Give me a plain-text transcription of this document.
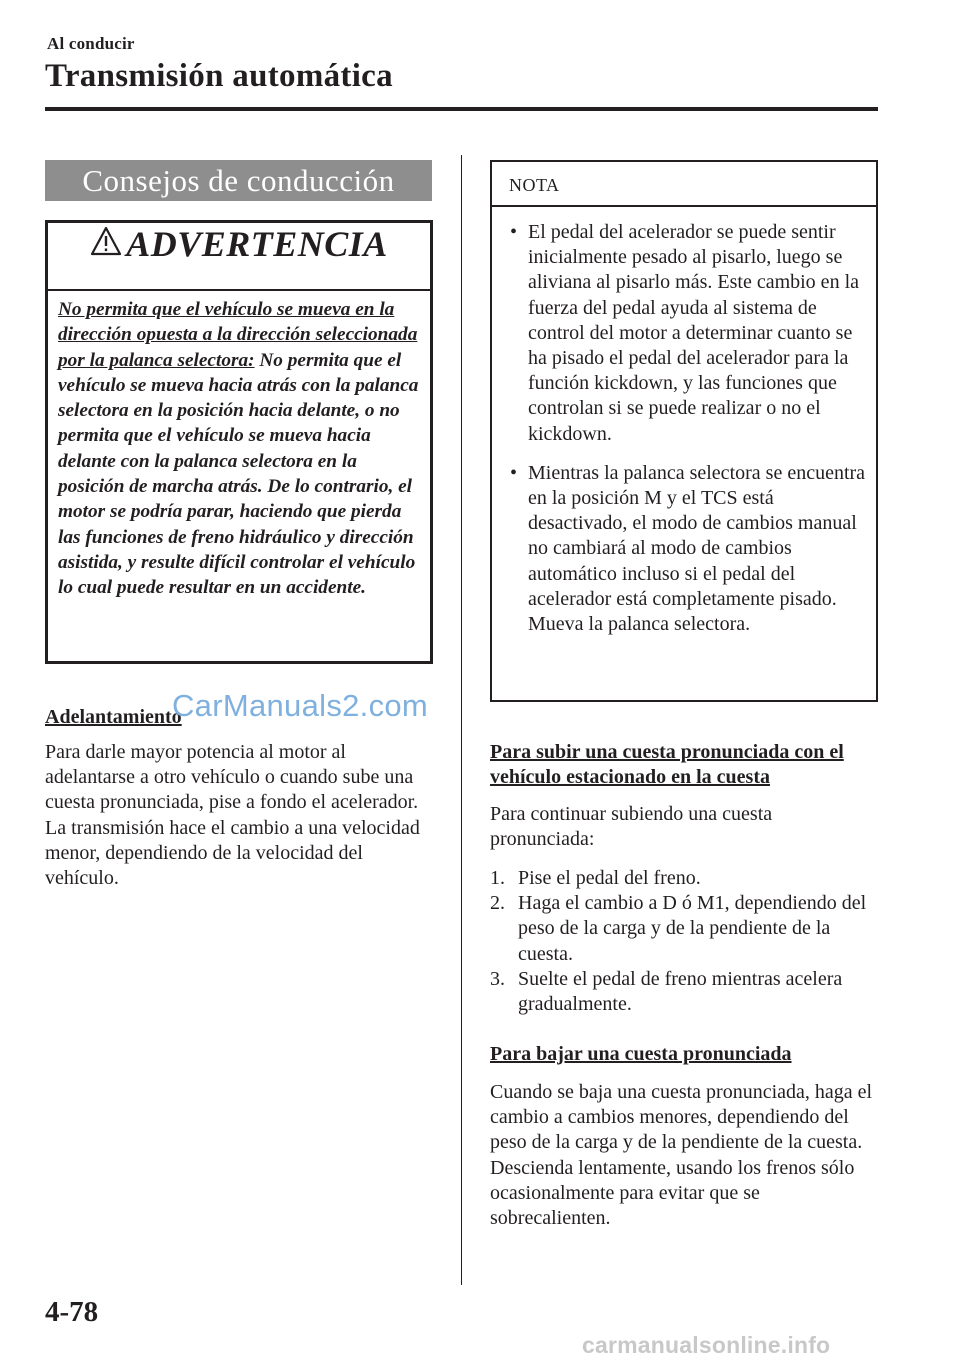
Al conducir
Transmisión automática
Consejos de conducción
ADVERTENCIA
No permita que el vehículo se mueva en la dirección opuesta a la dirección seleccionada por la palanca selectora: No permita que el vehículo se mueva hacia atrás con la palanca selectora en la posición hacia delante, o no permita que el vehículo se mueva hacia delante con la palanca selectora en la posición de marcha atrás. De lo contrario, el motor se podría parar, haciendo que pierda las funciones de freno hidráulico y dirección asistida, y resulte difícil controlar el vehículo lo cual puede resultar en un accidente.
Adelantamiento
Para darle mayor potencia al motor al adelantarse a otro vehículo o cuando sube una cuesta pronunciada, pise a fondo el acelerador. La transmisión hace el cambio a una velocidad menor, dependiendo de la velocidad del vehículo.
CarManuals2.com
NOTA
• El pedal del acelerador se puede sentir inicialmente pesado al pisarlo, luego se aliviana al pisarlo más. Este cambio en la fuerza del pedal ayuda al sistema de control del motor a determinar cuanto se ha pisado el pedal del acelerador para la función kickdown, y las funciones que controlan si se puede realizar o no el kickdown.
• Mientras la palanca selectora se encuentra en la posición M y el TCS está desactivado, el modo de cambios manual no cambiará al modo de cambios automático incluso si el pedal del acelerador está completamente pisado. Mueva la palanca selectora.
Para subir una cuesta pronunciada con el vehículo estacionado en la cuesta
Para continuar subiendo una cuesta pronunciada:
1. Pise el pedal del freno.
2. Haga el cambio a D ó M1, dependiendo del peso de la carga y de la pendiente de la cuesta.
3. Suelte el pedal de freno mientras acelera gradualmente.
Para bajar una cuesta pronunciada
Cuando se baja una cuesta pronunciada, haga el cambio a cambios menores, dependiendo del peso de la carga y de la pendiente de la cuesta. Descienda lentamente, usando los frenos sólo ocasionalmente para evitar que se sobrecalienten.
4-78
carmanualsonline.info
